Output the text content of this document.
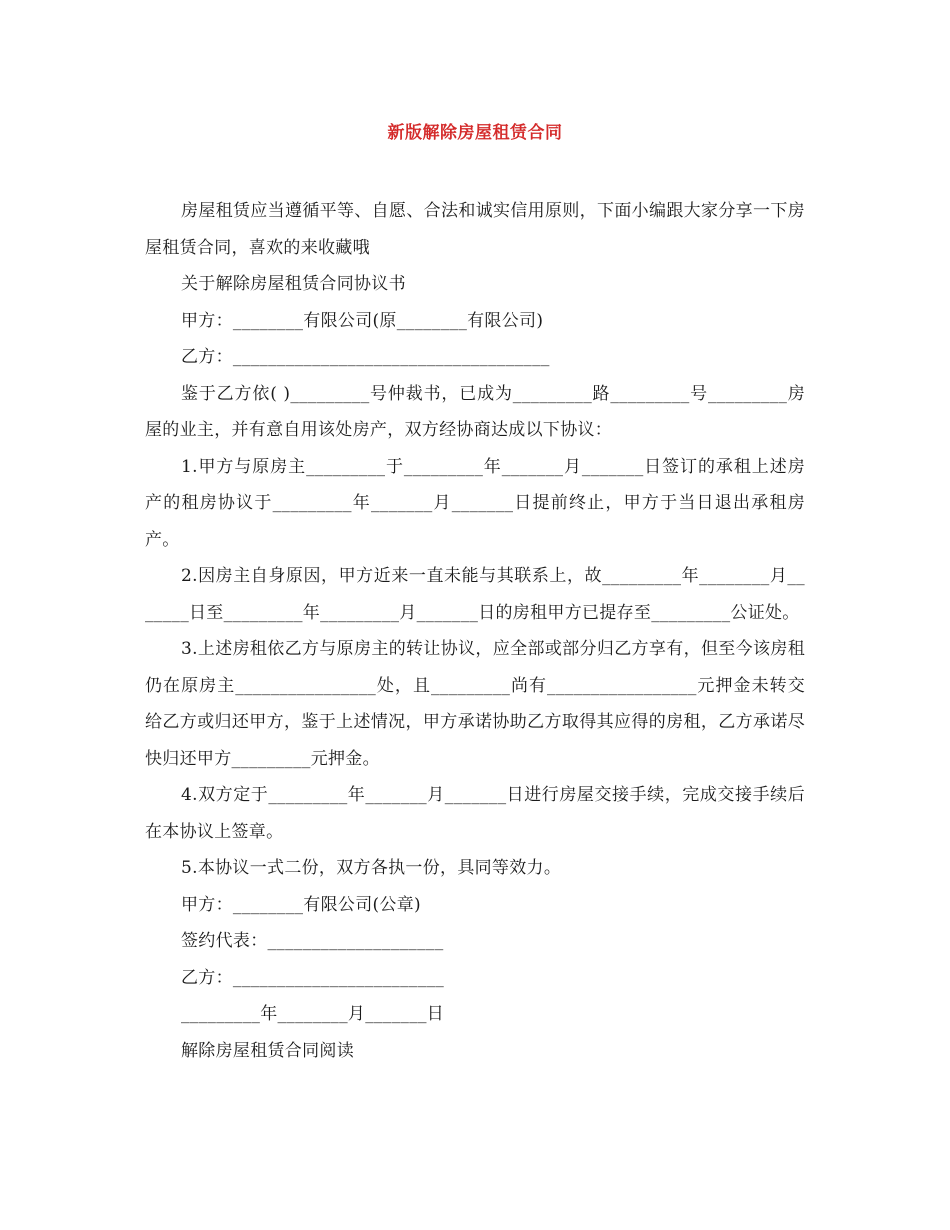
新版解除房屋租赁合同

房屋租赁应当遵循平等、自愿、合法和诚实信用原则，下面小编跟大家分享一下房屋租赁合同，喜欢的来收藏哦

关于解除房屋租赁合同协议书

甲方：________有限公司(原________有限公司)

乙方：____________________________________

鉴于乙方依( )_________号仲裁书，已成为_________路_________号_________房屋的业主，并有意自用该处房产，双方经协商达成以下协议：

1.甲方与原房主_________于_________年_______月_______日签订的承租上述房产的租房协议于_________年_______月_______日提前终止，甲方于当日退出承租房产。

2.因房主自身原因，甲方近来一直未能与其联系上，故_________年________月_______日至_________年_________月_______日的房租甲方已提存至_________公证处。

3.上述房租依乙方与原房主的转让协议，应全部或部分归乙方享有，但至今该房租仍在原房主________________处，且_________尚有_________________元押金未转交给乙方或归还甲方，鉴于上述情况，甲方承诺协助乙方取得其应得的房租，乙方承诺尽快归还甲方_________元押金。

4.双方定于_________年_______月_______日进行房屋交接手续，完成交接手续后在本协议上签章。

5.本协议一式二份，双方各执一份，具同等效力。

甲方：________有限公司(公章)

签约代表：____________________

乙方：________________________

_________年________月_______日

解除房屋租赁合同阅读
